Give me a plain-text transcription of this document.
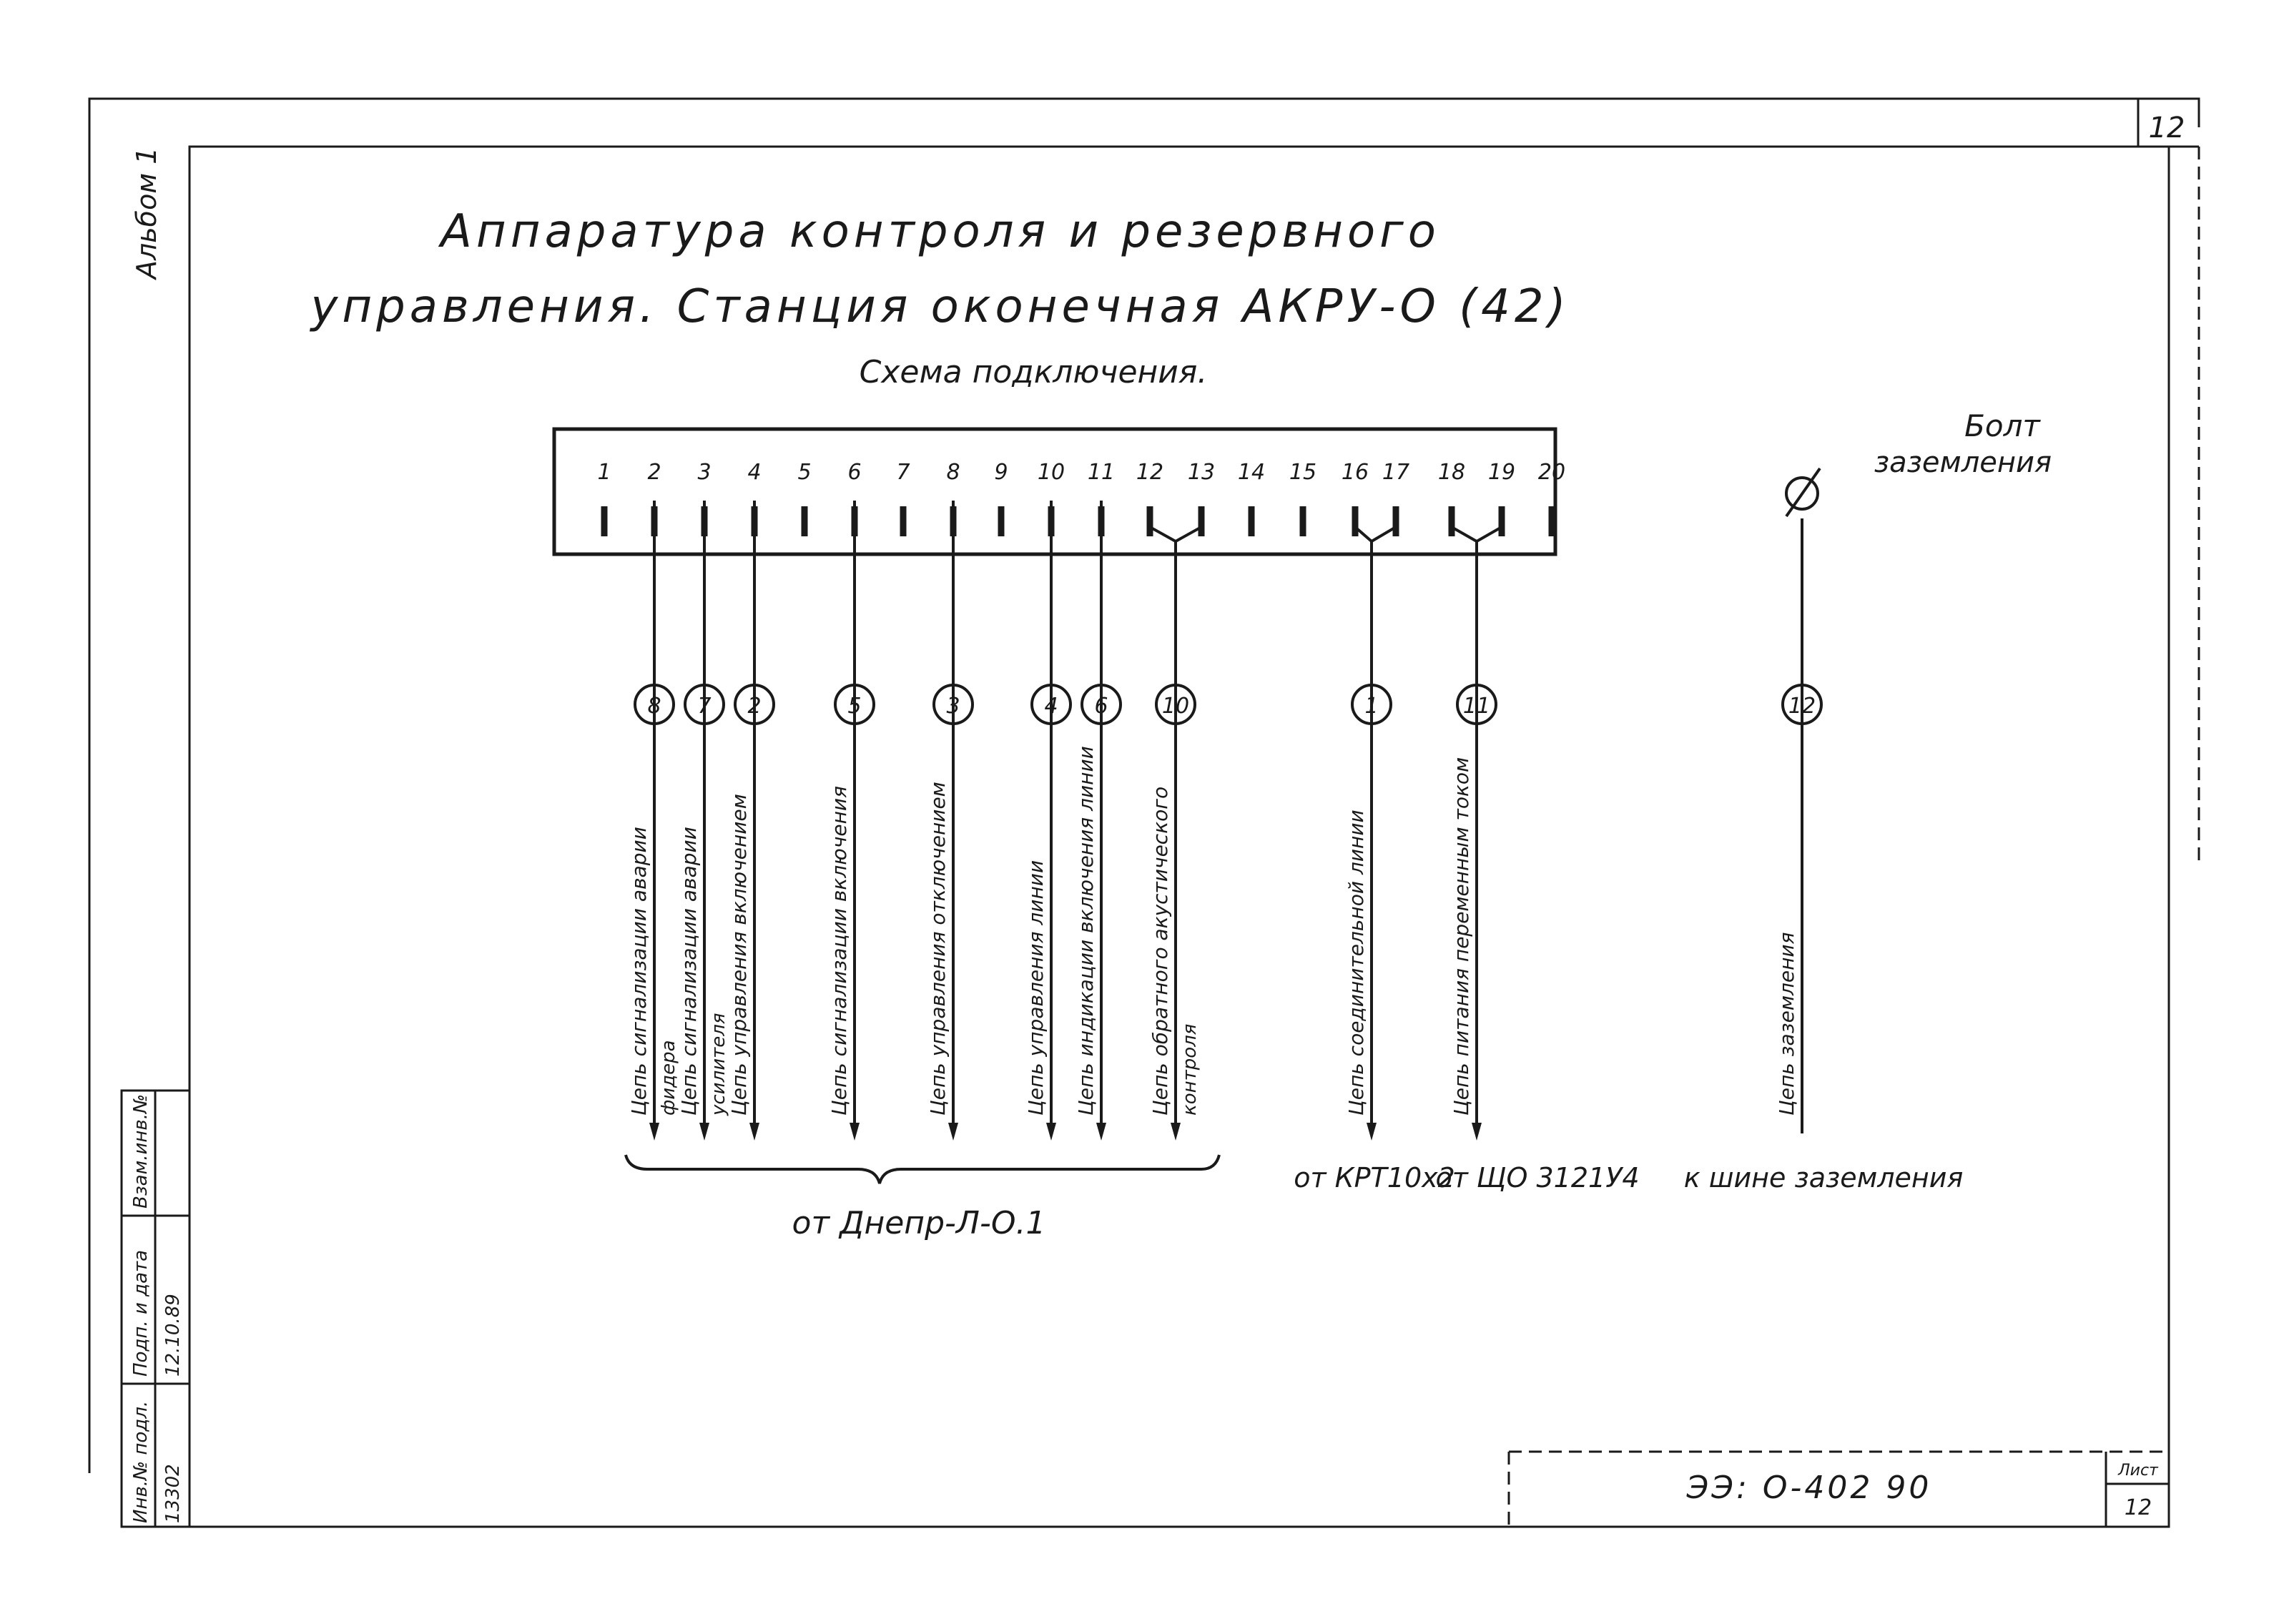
12
Альбом 1	Аппаратура контроля и резервного
управления. Станция оконечная АКРУ-О (42)
Схема подключения.
1 2 3 4 5 6 7 8 9 10 11 12 13 14 15 16 17 18 19 20
Болт
заземления
8 7 2	5	3	4 6	10	1	11	12
Цепь сигнализации аварии фидера
Цепь сигнализации аварии усилителя
Цепь управления включением	Цепь сигнализации включения	Цепь управления отключением	Цепь управления линии Цепь индикации включения линии	Цепь обратного акустического контроля	Цепь соединительной линии	Цепь питания переменным током	Цепь заземления
от Днепр-Л-О.1
от КРТ10х2
от ЩО 3121У4 к шине заземления
Инв.№ подл. 13302
Подп. и дата 12.10.89
Взам.инв.№
ЭЭ: О-402 90	Лист
12
